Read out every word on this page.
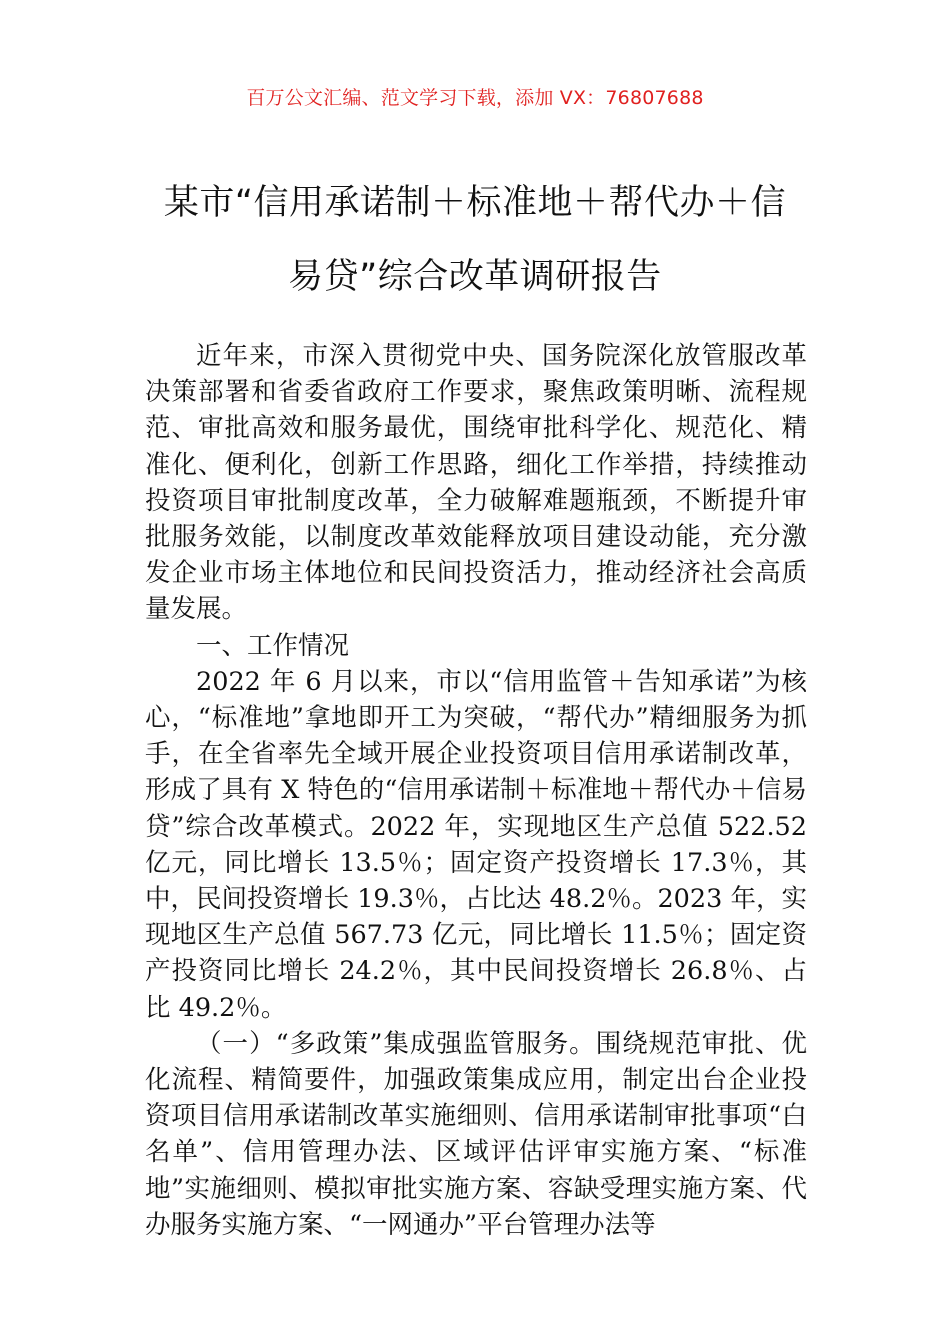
百万公文汇编、范文学习下载，添加 VX：76807688
某市“信用承诺制＋标准地＋帮代办＋信
易贷”综合改革调研报告

近年来，市深入贯彻党中央、国务院深化放管服改革决策部署和省委省政府工作要求，聚焦政策明晰、流程规范、审批高效和服务最优，围绕审批科学化、规范化、精准化、便利化，创新工作思路，细化工作举措，持续推动投资项目审批制度改革，全力破解难题瓶颈，不断提升审批服务效能，以制度改革效能释放项目建设动能，充分激发企业市场主体地位和民间投资活力，推动经济社会高质量发展。

一、工作情况

2022 年 6 月以来，市以“信用监管＋告知承诺”为核心，“标准地”拿地即开工为突破，“帮代办”精细服务为抓手，在全省率先全域开展企业投资项目信用承诺制改革，形成了具有 X 特色的“信用承诺制＋标准地＋帮代办＋信易贷”综合改革模式。2022 年，实现地区生产总值 522.52 亿元，同比增长 13.5％；固定资产投资增长 17.3％，其中，民间投资增长 19.3％，占比达 48.2％。2023 年，实现地区生产总值 567.73 亿元，同比增长 11.5％；固定资产投资同比增长 24.2％，其中民间投资增长 26.8％、占比 49.2％。

（一）“多政策”集成强监管服务。围绕规范审批、优化流程、精简要件，加强政策集成应用，制定出台企业投资项目信用承诺制改革实施细则、信用承诺制审批事项“白名单”、信用管理办法、区域评估评审实施方案、“标准地”实施细则、模拟审批实施方案、容缺受理实施方案、代办服务实施方案、“一网通办”平台管理办法等
